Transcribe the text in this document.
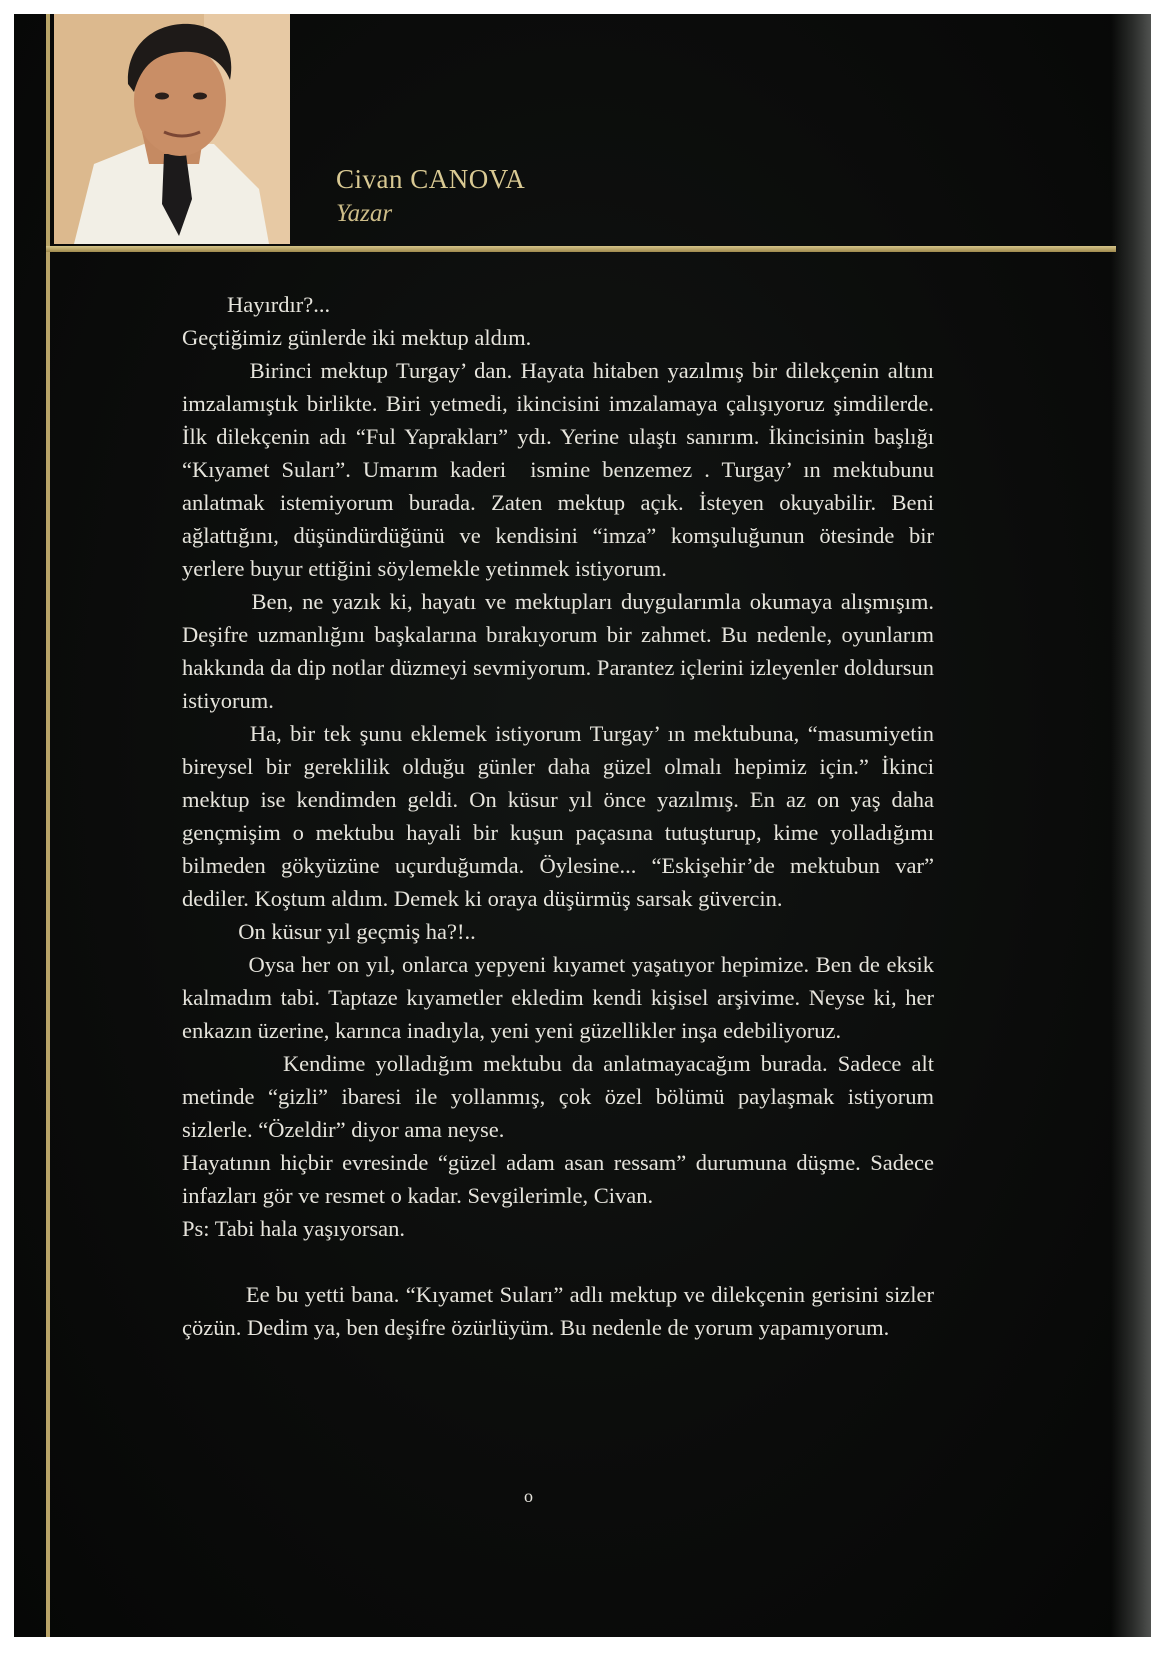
Civan CANOVA
Yazar

Hayırdır?...

Geçtiğimiz günlerde iki mektup aldım.

Birinci mektup Turgay’ dan. Hayata hitaben yazılmış bir dilekçenin altını imzalamıştık birlikte. Biri yetmedi, ikincisini imzalamaya çalışıyoruz şimdilerde. İlk dilekçenin adı “Ful Yaprakları” ydı. Yerine ulaştı sanırım. İkincisinin başlığı “Kıyamet Suları”. Umarım kaderi  ismine benzemez . Turgay’ ın mektubunu anlatmak istemiyorum burada. Zaten mektup açık. İsteyen okuyabilir. Beni ağlattığını, düşündürdüğünü ve kendisini “imza” komşuluğunun ötesinde bir yerlere buyur ettiğini söylemekle yetinmek istiyorum.

Ben, ne yazık ki, hayatı ve mektupları duygularımla okumaya alışmışım. Deşifre uzmanlığını başkalarına bırakıyorum bir zahmet. Bu nedenle, oyunlarım hakkında da dip notlar düzmeyi sevmiyorum. Parantez içlerini izleyenler doldursun istiyorum.

Ha, bir tek şunu eklemek istiyorum Turgay’ ın mektubuna, “masumiyetin bireysel bir gereklilik olduğu günler daha güzel olmalı hepimiz için.” İkinci mektup ise kendimden geldi. On küsur yıl önce yazılmış. En az on yaş daha gençmişim o mektubu hayali bir kuşun paçasına tutuşturup, kime yolladığımı bilmeden gökyüzüne uçurduğumda. Öylesine... “Eskişehir’de mektubun var” dediler. Koştum aldım. Demek ki oraya düşürmüş sarsak güvercin.

On küsur yıl geçmiş ha?!..

Oysa her on yıl, onlarca yepyeni kıyamet yaşatıyor hepimize. Ben de eksik kalmadım tabi. Taptaze kıyametler ekledim kendi kişisel arşivime. Neyse ki, her enkazın üzerine, karınca inadıyla, yeni yeni güzellikler inşa edebiliyoruz.

Kendime yolladığım mektubu da anlatmayacağım burada. Sadece alt metinde “gizli” ibaresi ile yollanmış, çok özel bölümü paylaşmak istiyorum sizlerle. “Özeldir” diyor ama neyse.

Hayatının hiçbir evresinde “güzel adam asan ressam” durumuna düşme. Sadece infazları gör ve resmet o kadar. Sevgilerimle, Civan.

Ps: Tabi hala yaşıyorsan.

Ee bu yetti bana. “Kıyamet Suları” adlı mektup ve dilekçenin gerisini sizler çözün. Dedim ya, ben deşifre özürlüyüm. Bu nedenle de yorum yapamıyorum.

o
